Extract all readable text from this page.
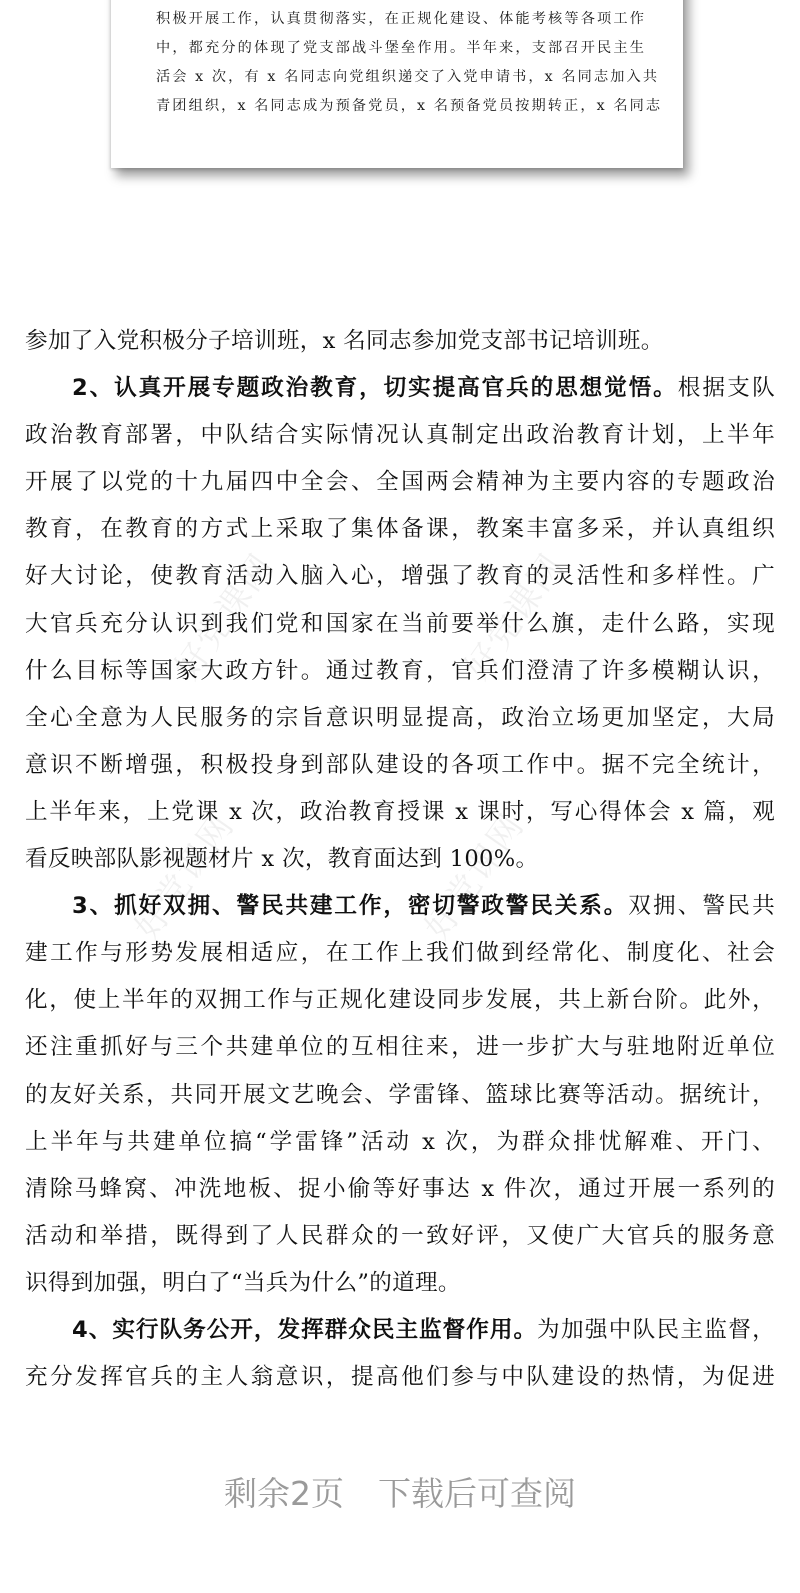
积极开展工作，认真贯彻落实，在正规化建设、体能考核等各项工作
中，都充分的体现了党支部战斗堡垒作用。半年来，支部召开民主生
活会 x 次，有 x 名同志向党组织递交了入党申请书，x 名同志加入共
青团组织，x 名同志成为预备党员，x 名预备党员按期转正，x 名同志
好党课网	好党课网
好党课网	好党课网
参加了入党积极分子培训班，x 名同志参加党支部书记培训班。
2、认真开展专题政治教育，切实提高官兵的思想觉悟。根据支队
政治教育部署，中队结合实际情况认真制定出政治教育计划，上半年
开展了以党的十九届四中全会、全国两会精神为主要内容的专题政治
教育，在教育的方式上采取了集体备课，教案丰富多采，并认真组织
好大讨论，使教育活动入脑入心，增强了教育的灵活性和多样性。广
大官兵充分认识到我们党和国家在当前要举什么旗，走什么路，实现
什么目标等国家大政方针。通过教育，官兵们澄清了许多模糊认识，
全心全意为人民服务的宗旨意识明显提高，政治立场更加坚定，大局
意识不断增强，积极投身到部队建设的各项工作中。据不完全统计，
上半年来，上党课 x 次，政治教育授课 x 课时，写心得体会 x 篇，观
看反映部队影视题材片 x 次，教育面达到 100%。
3、抓好双拥、警民共建工作，密切警政警民关系。双拥、警民共
建工作与形势发展相适应，在工作上我们做到经常化、制度化、社会
化，使上半年的双拥工作与正规化建设同步发展，共上新台阶。此外，
还注重抓好与三个共建单位的互相往来，进一步扩大与驻地附近单位
的友好关系，共同开展文艺晚会、学雷锋、篮球比赛等活动。据统计，
上半年与共建单位搞“学雷锋”活动 x 次，为群众排忧解难、开门、
清除马蜂窝、冲洗地板、捉小偷等好事达 x 件次，通过开展一系列的
活动和举措，既得到了人民群众的一致好评，又使广大官兵的服务意
识得到加强，明白了“当兵为什么”的道理。
4、实行队务公开，发挥群众民主监督作用。为加强中队民主监督，
充分发挥官兵的主人翁意识，提高他们参与中队建设的热情，为促进
剩余2页 下载后可查阅
